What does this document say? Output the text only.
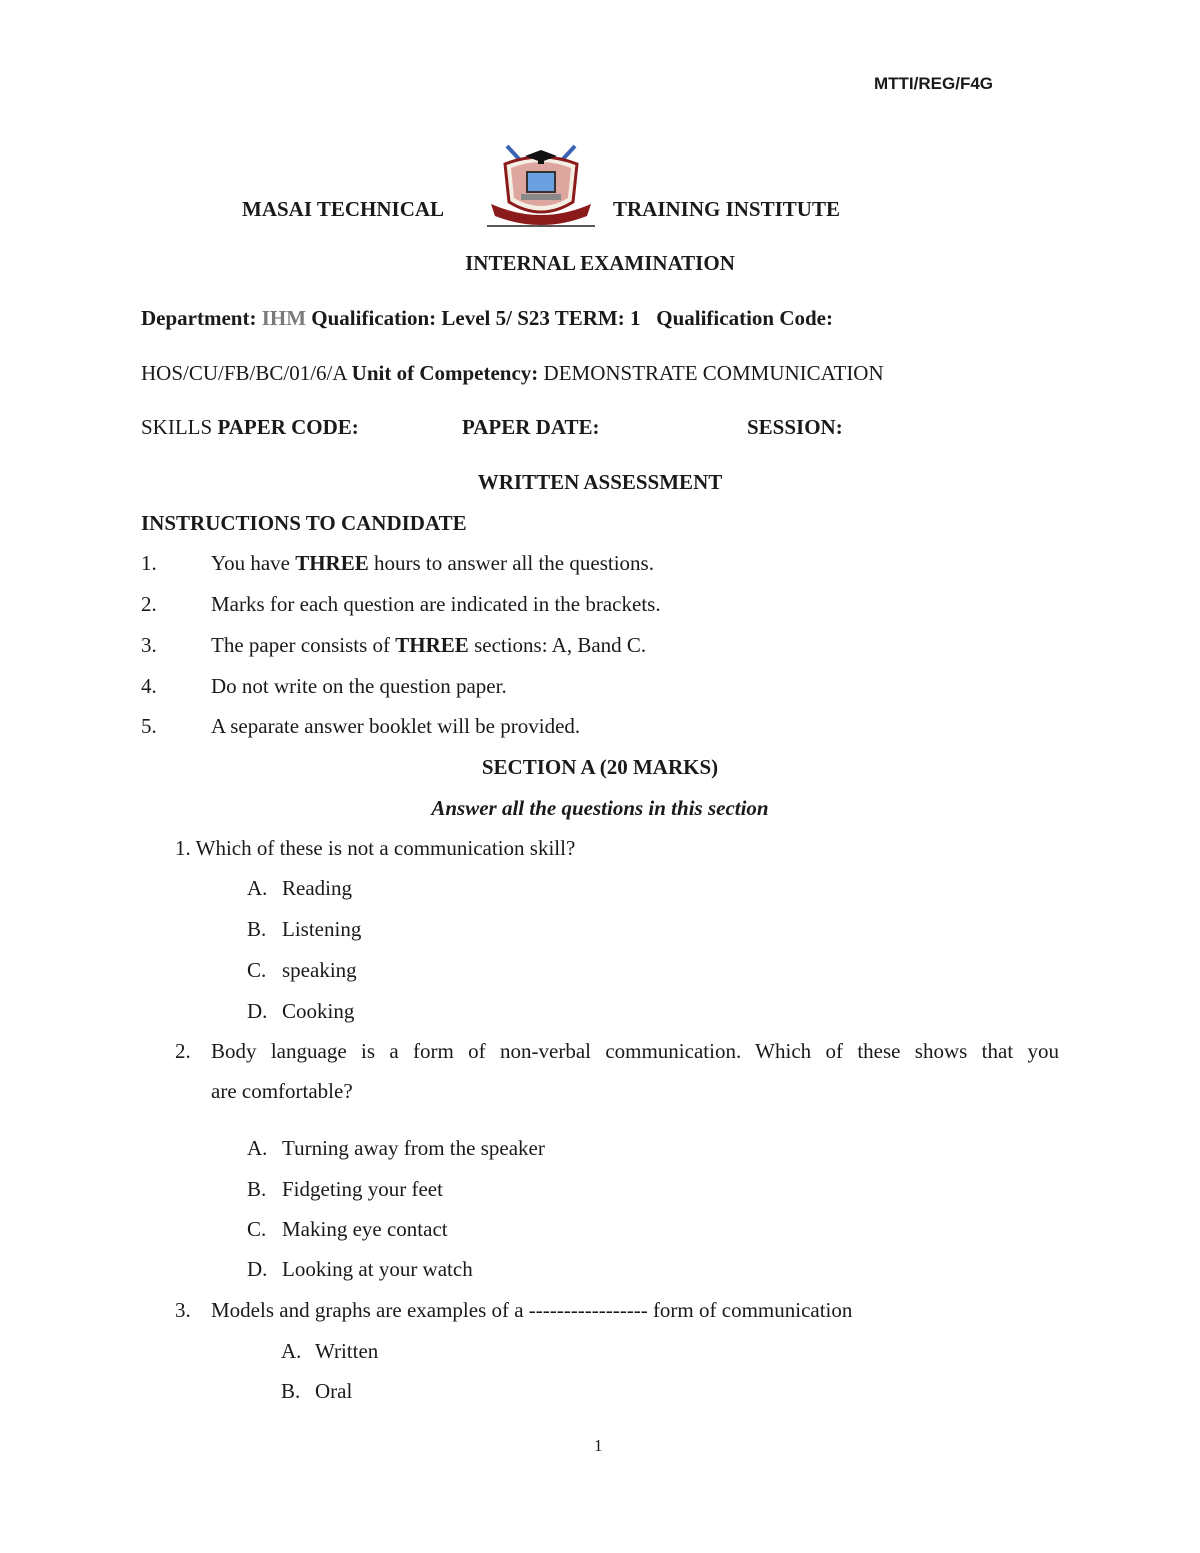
MTTI/REG/F4G
MASAI TECHNICAL	TRAINING INSTITUTE
INTERNAL EXAMINATION
Department: IHM Qualification: Level 5/ S23 TERM: 1 Qualification Code:
HOS/CU/FB/BC/01/6/A Unit of Competency: DEMONSTRATE COMMUNICATION
SKILLS PAPER CODE:	PAPER DATE:	SESSION:
WRITTEN ASSESSMENT
INSTRUCTIONS TO CANDIDATE
1.	You have THREE hours to answer all the questions.
2.	Marks for each question are indicated in the brackets.
3.	The paper consists of THREE sections: A, Band C.
4.	Do not write on the question paper.
5.	A separate answer booklet will be provided.
SECTION A (20 MARKS)
Answer all the questions in this section
1. Which of these is not a communication skill?
A. Reading
B. Listening
C. speaking
D. Cooking
2. Body language is a form of non-verbal communication. Which of these shows that you
are comfortable?
A. Turning away from the speaker
B. Fidgeting your feet
C. Making eye contact
D. Looking at your watch
3. Models and graphs are examples of a ----------------- form of communication
A. Written
B. Oral
1
